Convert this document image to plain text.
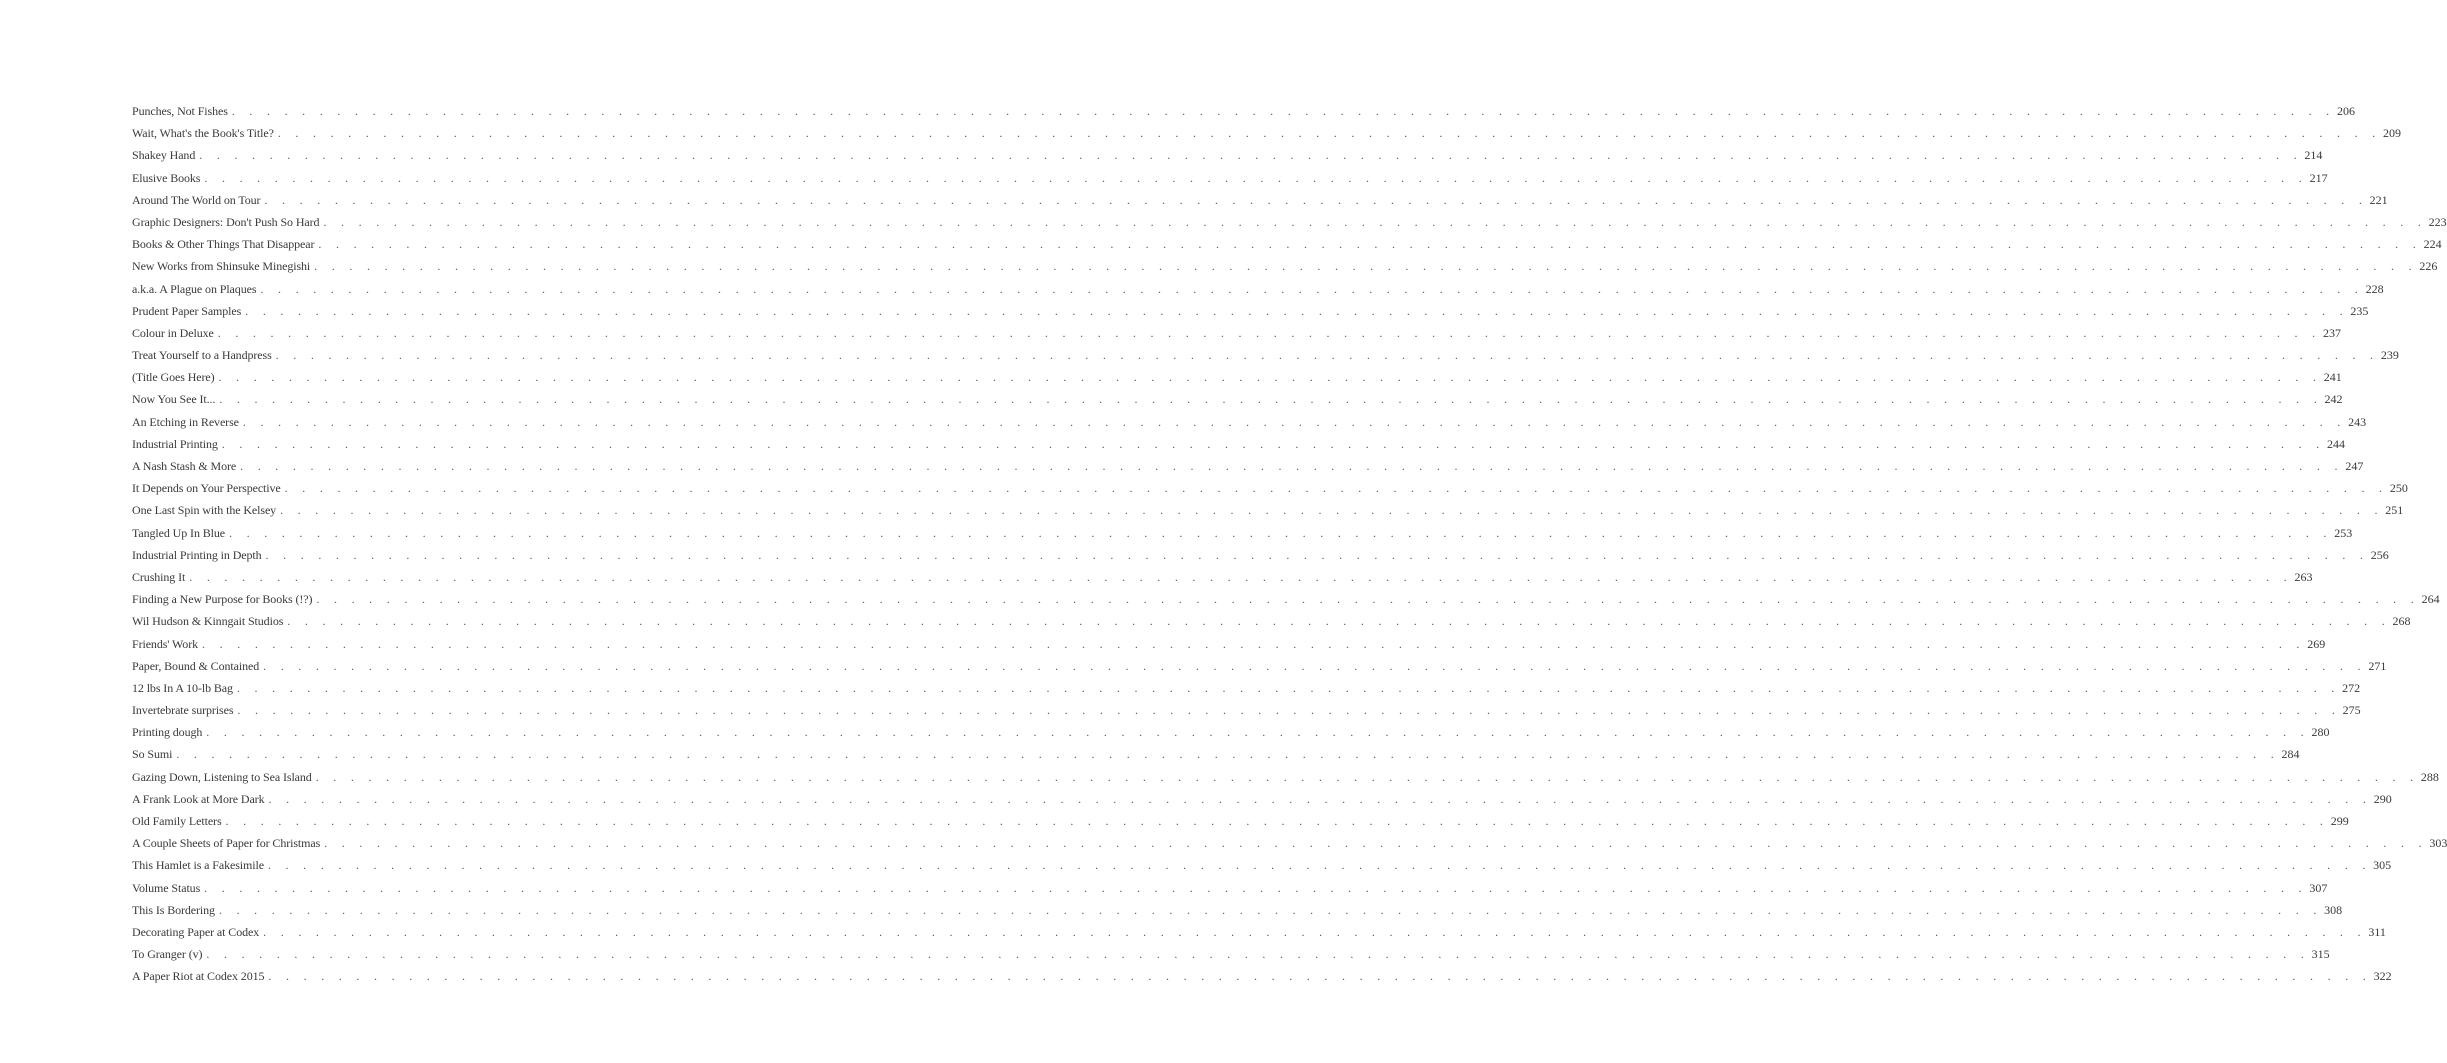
Punches, Not Fishes . . . . . . . . . . . . . . . . . . . . . . . . . . . . . . . . . . . . . . . . . . . . . . . . . . . . . . . . . . . . . . . . . . . . . . . . . . . . . . . . . . . . . . . . . . . . . . . . . . . . . . . . . . . . . . . . . . . . . . . . 206
Wait, What's the Book's Title? . . . . . . . . . . . . . . . . . . . . . . . . . . . . . . . . . . . . . . . . . . . . . . . . . . . . . . . . . . . . . . . . . . . . . . . . . . . . . . . . . . . . . . . . . . . . . . . . . . . . . . . . . . . . . . . . . . . . . . . . 209
Shakey Hand . . . . . . . . . . . . . . . . . . . . . . . . . . . . . . . . . . . . . . . . . . . . . . . . . . . . . . . . . . . . . . . . . . . . . . . . . . . . . . . . . . . . . . . . . . . . . . . . . . . . . . . . . . . . . . . . . . . . . . . . 214
Elusive Books . . . . . . . . . . . . . . . . . . . . . . . . . . . . . . . . . . . . . . . . . . . . . . . . . . . . . . . . . . . . . . . . . . . . . . . . . . . . . . . . . . . . . . . . . . . . . . . . . . . . . . . . . . . . . . . . . . . . . . . . 217
Around The World on Tour . . . . . . . . . . . . . . . . . . . . . . . . . . . . . . . . . . . . . . . . . . . . . . . . . . . . . . . . . . . . . . . . . . . . . . . . . . . . . . . . . . . . . . . . . . . . . . . . . . . . . . . . . . . . . . . . . . . . . . . . 221
Graphic Designers: Don't Push So Hard . . . . . . . . . . . . . . . . . . . . . . . . . . . . . . . . . . . . . . . . . . . . . . . . . . . . . . . . . . . . . . . . . . . . . . . . . . . . . . . . . . . . . . . . . . . . . . . . . . . . . . . . . . . . . . . . . . . . . . . . 223
Books & Other Things That Disappear . . . . . . . . . . . . . . . . . . . . . . . . . . . . . . . . . . . . . . . . . . . . . . . . . . . . . . . . . . . . . . . . . . . . . . . . . . . . . . . . . . . . . . . . . . . . . . . . . . . . . . . . . . . . . . . . . . . . . . . . 224
New Works from Shinsuke Minegishi . . . . . . . . . . . . . . . . . . . . . . . . . . . . . . . . . . . . . . . . . . . . . . . . . . . . . . . . . . . . . . . . . . . . . . . . . . . . . . . . . . . . . . . . . . . . . . . . . . . . . . . . . . . . . . . . . . . . . . . . 226
a.k.a. A Plague on Plaques . . . . . . . . . . . . . . . . . . . . . . . . . . . . . . . . . . . . . . . . . . . . . . . . . . . . . . . . . . . . . . . . . . . . . . . . . . . . . . . . . . . . . . . . . . . . . . . . . . . . . . . . . . . . . . . . . . . . . . . . 228
Prudent Paper Samples . . . . . . . . . . . . . . . . . . . . . . . . . . . . . . . . . . . . . . . . . . . . . . . . . . . . . . . . . . . . . . . . . . . . . . . . . . . . . . . . . . . . . . . . . . . . . . . . . . . . . . . . . . . . . . . . . . . . . . . . 235
Colour in Deluxe . . . . . . . . . . . . . . . . . . . . . . . . . . . . . . . . . . . . . . . . . . . . . . . . . . . . . . . . . . . . . . . . . . . . . . . . . . . . . . . . . . . . . . . . . . . . . . . . . . . . . . . . . . . . . . . . . . . . . . . . 237
Treat Yourself to a Handpress . . . . . . . . . . . . . . . . . . . . . . . . . . . . . . . . . . . . . . . . . . . . . . . . . . . . . . . . . . . . . . . . . . . . . . . . . . . . . . . . . . . . . . . . . . . . . . . . . . . . . . . . . . . . . . . . . . . . . . . . 239
(Title Goes Here) . . . . . . . . . . . . . . . . . . . . . . . . . . . . . . . . . . . . . . . . . . . . . . . . . . . . . . . . . . . . . . . . . . . . . . . . . . . . . . . . . . . . . . . . . . . . . . . . . . . . . . . . . . . . . . . . . . . . . . . . 241
Now You See It... . . . . . . . . . . . . . . . . . . . . . . . . . . . . . . . . . . . . . . . . . . . . . . . . . . . . . . . . . . . . . . . . . . . . . . . . . . . . . . . . . . . . . . . . . . . . . . . . . . . . . . . . . . . . . . . . . . . . . . . . 242
An Etching in Reverse . . . . . . . . . . . . . . . . . . . . . . . . . . . . . . . . . . . . . . . . . . . . . . . . . . . . . . . . . . . . . . . . . . . . . . . . . . . . . . . . . . . . . . . . . . . . . . . . . . . . . . . . . . . . . . . . . . . . . . . . 243
Industrial Printing . . . . . . . . . . . . . . . . . . . . . . . . . . . . . . . . . . . . . . . . . . . . . . . . . . . . . . . . . . . . . . . . . . . . . . . . . . . . . . . . . . . . . . . . . . . . . . . . . . . . . . . . . . . . . . . . . . . . . . . . 244
A Nash Stash & More . . . . . . . . . . . . . . . . . . . . . . . . . . . . . . . . . . . . . . . . . . . . . . . . . . . . . . . . . . . . . . . . . . . . . . . . . . . . . . . . . . . . . . . . . . . . . . . . . . . . . . . . . . . . . . . . . . . . . . . . 247
It Depends on Your Perspective . . . . . . . . . . . . . . . . . . . . . . . . . . . . . . . . . . . . . . . . . . . . . . . . . . . . . . . . . . . . . . . . . . . . . . . . . . . . . . . . . . . . . . . . . . . . . . . . . . . . . . . . . . . . . . . . . . . . . . . . 250
One Last Spin with the Kelsey . . . . . . . . . . . . . . . . . . . . . . . . . . . . . . . . . . . . . . . . . . . . . . . . . . . . . . . . . . . . . . . . . . . . . . . . . . . . . . . . . . . . . . . . . . . . . . . . . . . . . . . . . . . . . . . . . . . . . . . . 251
Tangled Up In Blue . . . . . . . . . . . . . . . . . . . . . . . . . . . . . . . . . . . . . . . . . . . . . . . . . . . . . . . . . . . . . . . . . . . . . . . . . . . . . . . . . . . . . . . . . . . . . . . . . . . . . . . . . . . . . . . . . . . . . . . . 253
Industrial Printing in Depth . . . . . . . . . . . . . . . . . . . . . . . . . . . . . . . . . . . . . . . . . . . . . . . . . . . . . . . . . . . . . . . . . . . . . . . . . . . . . . . . . . . . . . . . . . . . . . . . . . . . . . . . . . . . . . . . . . . . . . . . 256
Crushing It . . . . . . . . . . . . . . . . . . . . . . . . . . . . . . . . . . . . . . . . . . . . . . . . . . . . . . . . . . . . . . . . . . . . . . . . . . . . . . . . . . . . . . . . . . . . . . . . . . . . . . . . . . . . . . . . . . . . . . . . 263
Finding a New Purpose for Books (!?) . . . . . . . . . . . . . . . . . . . . . . . . . . . . . . . . . . . . . . . . . . . . . . . . . . . . . . . . . . . . . . . . . . . . . . . . . . . . . . . . . . . . . . . . . . . . . . . . . . . . . . . . . . . . . . . . . . . . . . . . 264
Wil Hudson & Kinngait Studios . . . . . . . . . . . . . . . . . . . . . . . . . . . . . . . . . . . . . . . . . . . . . . . . . . . . . . . . . . . . . . . . . . . . . . . . . . . . . . . . . . . . . . . . . . . . . . . . . . . . . . . . . . . . . . . . . . . . . . . . 268
Friends' Work . . . . . . . . . . . . . . . . . . . . . . . . . . . . . . . . . . . . . . . . . . . . . . . . . . . . . . . . . . . . . . . . . . . . . . . . . . . . . . . . . . . . . . . . . . . . . . . . . . . . . . . . . . . . . . . . . . . . . . . . 269
Paper, Bound & Contained . . . . . . . . . . . . . . . . . . . . . . . . . . . . . . . . . . . . . . . . . . . . . . . . . . . . . . . . . . . . . . . . . . . . . . . . . . . . . . . . . . . . . . . . . . . . . . . . . . . . . . . . . . . . . . . . . . . . . . . . 271
12 lbs In A 10-lb Bag . . . . . . . . . . . . . . . . . . . . . . . . . . . . . . . . . . . . . . . . . . . . . . . . . . . . . . . . . . . . . . . . . . . . . . . . . . . . . . . . . . . . . . . . . . . . . . . . . . . . . . . . . . . . . . . . . . . . . . . . 272
Invertebrate surprises . . . . . . . . . . . . . . . . . . . . . . . . . . . . . . . . . . . . . . . . . . . . . . . . . . . . . . . . . . . . . . . . . . . . . . . . . . . . . . . . . . . . . . . . . . . . . . . . . . . . . . . . . . . . . . . . . . . . . . . . 275
Printing dough . . . . . . . . . . . . . . . . . . . . . . . . . . . . . . . . . . . . . . . . . . . . . . . . . . . . . . . . . . . . . . . . . . . . . . . . . . . . . . . . . . . . . . . . . . . . . . . . . . . . . . . . . . . . . . . . . . . . . . . . 280
So Sumi . . . . . . . . . . . . . . . . . . . . . . . . . . . . . . . . . . . . . . . . . . . . . . . . . . . . . . . . . . . . . . . . . . . . . . . . . . . . . . . . . . . . . . . . . . . . . . . . . . . . . . . . . . . . . . . . . . . . . . . . 284
Gazing Down, Listening to Sea Island . . . . . . . . . . . . . . . . . . . . . . . . . . . . . . . . . . . . . . . . . . . . . . . . . . . . . . . . . . . . . . . . . . . . . . . . . . . . . . . . . . . . . . . . . . . . . . . . . . . . . . . . . . . . . . . . . . . . . . . . 288
A Frank Look at More Dark . . . . . . . . . . . . . . . . . . . . . . . . . . . . . . . . . . . . . . . . . . . . . . . . . . . . . . . . . . . . . . . . . . . . . . . . . . . . . . . . . . . . . . . . . . . . . . . . . . . . . . . . . . . . . . . . . . . . . . . . 290
Old Family Letters . . . . . . . . . . . . . . . . . . . . . . . . . . . . . . . . . . . . . . . . . . . . . . . . . . . . . . . . . . . . . . . . . . . . . . . . . . . . . . . . . . . . . . . . . . . . . . . . . . . . . . . . . . . . . . . . . . . . . . . . 299
A Couple Sheets of Paper for Christmas . . . . . . . . . . . . . . . . . . . . . . . . . . . . . . . . . . . . . . . . . . . . . . . . . . . . . . . . . . . . . . . . . . . . . . . . . . . . . . . . . . . . . . . . . . . . . . . . . . . . . . . . . . . . . . . . . . . . . . . . 303
This Hamlet is a Fakesimile . . . . . . . . . . . . . . . . . . . . . . . . . . . . . . . . . . . . . . . . . . . . . . . . . . . . . . . . . . . . . . . . . . . . . . . . . . . . . . . . . . . . . . . . . . . . . . . . . . . . . . . . . . . . . . . . . . . . . . . . 305
Volume Status . . . . . . . . . . . . . . . . . . . . . . . . . . . . . . . . . . . . . . . . . . . . . . . . . . . . . . . . . . . . . . . . . . . . . . . . . . . . . . . . . . . . . . . . . . . . . . . . . . . . . . . . . . . . . . . . . . . . . . . . 307
This Is Bordering . . . . . . . . . . . . . . . . . . . . . . . . . . . . . . . . . . . . . . . . . . . . . . . . . . . . . . . . . . . . . . . . . . . . . . . . . . . . . . . . . . . . . . . . . . . . . . . . . . . . . . . . . . . . . . . . . . . . . . . . 308
Decorating Paper at Codex . . . . . . . . . . . . . . . . . . . . . . . . . . . . . . . . . . . . . . . . . . . . . . . . . . . . . . . . . . . . . . . . . . . . . . . . . . . . . . . . . . . . . . . . . . . . . . . . . . . . . . . . . . . . . . . . . . . . . . . . 311
To Granger (v) . . . . . . . . . . . . . . . . . . . . . . . . . . . . . . . . . . . . . . . . . . . . . . . . . . . . . . . . . . . . . . . . . . . . . . . . . . . . . . . . . . . . . . . . . . . . . . . . . . . . . . . . . . . . . . . . . . . . . . . . 315
A Paper Riot at Codex 2015 . . . . . . . . . . . . . . . . . . . . . . . . . . . . . . . . . . . . . . . . . . . . . . . . . . . . . . . . . . . . . . . . . . . . . . . . . . . . . . . . . . . . . . . . . . . . . . . . . . . . . . . . . . . . . . . . . . . . . . . . 322
